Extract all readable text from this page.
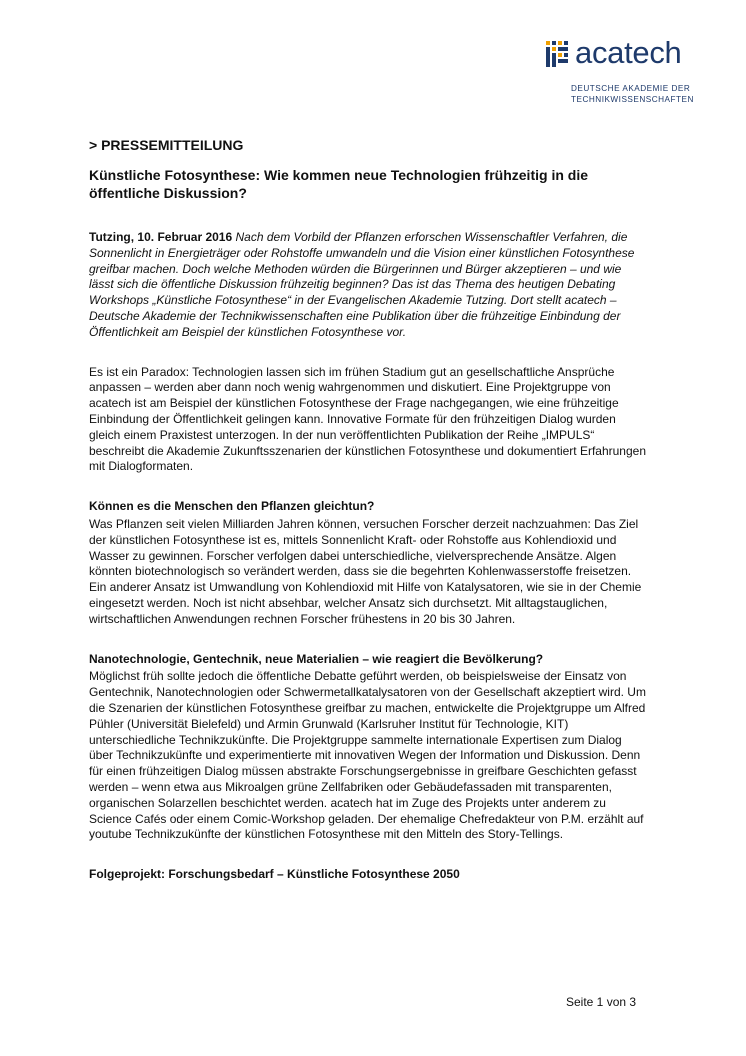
acatech
DEUTSCHE AKADEMIE DER
TECHNIKWISSENSCHAFTEN

> PRESSEMITTEILUNG

Künstliche Fotosynthese: Wie kommen neue Technologien frühzeitig in die öffentliche Diskussion?

Tutzing, 10. Februar 2016 Nach dem Vorbild der Pflanzen erforschen Wissenschaftler Verfahren, die Sonnenlicht in Energieträger oder Rohstoffe umwandeln und die Vision einer künstlichen Fotosynthese greifbar machen. Doch welche Methoden würden die Bürgerinnen und Bürger akzeptieren – und wie lässt sich die öffentliche Diskussion frühzeitig beginnen? Das ist das Thema des heutigen Debating Workshops „Künstliche Fotosynthese“ in der Evangelischen Akademie Tutzing. Dort stellt acatech – Deutsche Akademie der Technikwissenschaften eine Publikation über die frühzeitige Einbindung der Öffentlichkeit am Beispiel der künstlichen Fotosynthese vor.

Es ist ein Paradox: Technologien lassen sich im frühen Stadium gut an gesellschaftliche Ansprüche anpassen – werden aber dann noch wenig wahrgenommen und diskutiert. Eine Projektgruppe von acatech ist am Beispiel der künstlichen Fotosynthese der Frage nachgegangen, wie eine frühzeitige Einbindung der Öffentlichkeit gelingen kann. Innovative Formate für den frühzeitigen Dialog wurden gleich einem Praxistest unterzogen. In der nun veröffentlichten Publikation der Reihe „IMPULS“ beschreibt die Akademie Zukunftsszenarien der künstlichen Fotosynthese und dokumentiert Erfahrungen mit Dialogformaten.

Können es die Menschen den Pflanzen gleichtun?

Was Pflanzen seit vielen Milliarden Jahren können, versuchen Forscher derzeit nachzuahmen: Das Ziel der künstlichen Fotosynthese ist es, mittels Sonnenlicht Kraft- oder Rohstoffe aus Kohlendioxid und Wasser zu gewinnen. Forscher verfolgen dabei unterschiedliche, vielversprechende Ansätze. Algen könnten biotechnologisch so verändert werden, dass sie die begehrten Kohlenwasserstoffe freisetzen. Ein anderer Ansatz ist Umwandlung von Kohlendioxid mit Hilfe von Katalysatoren, wie sie in der Chemie eingesetzt werden. Noch ist nicht absehbar, welcher Ansatz sich durchsetzt. Mit alltagstauglichen, wirtschaftlichen Anwendungen rechnen Forscher frühestens in 20 bis 30 Jahren.

Nanotechnologie, Gentechnik, neue Materialien – wie reagiert die Bevölkerung?

Möglichst früh sollte jedoch die öffentliche Debatte geführt werden, ob beispielsweise der Einsatz von Gentechnik, Nanotechnologien oder Schwermetallkatalysatoren von der Gesellschaft akzeptiert wird. Um die Szenarien der künstlichen Fotosynthese greifbar zu machen, entwickelte die Projektgruppe um Alfred Pühler (Universität Bielefeld) und Armin Grunwald (Karlsruher Institut für Technologie, KIT) unterschiedliche Technikzukünfte. Die Projektgruppe sammelte internationale Expertisen zum Dialog über Technikzukünfte und experimentierte mit innovativen Wegen der Information und Diskussion. Denn für einen frühzeitigen Dialog müssen abstrakte Forschungsergebnisse in greifbare Geschichten gefasst werden – wenn etwa aus Mikroalgen grüne Zellfabriken oder Gebäudefassaden mit transparenten, organischen Solarzellen beschichtet werden. acatech hat im Zuge des Projekts unter anderem zu Science Cafés oder einem Comic-Workshop geladen. Der ehemalige Chefredakteur von P.M. erzählt auf youtube Technikzukünfte der künstlichen Fotosynthese mit den Mitteln des Story-Tellings.

Folgeprojekt: Forschungsbedarf – Künstliche Fotosynthese 2050

Seite 1 von 3
